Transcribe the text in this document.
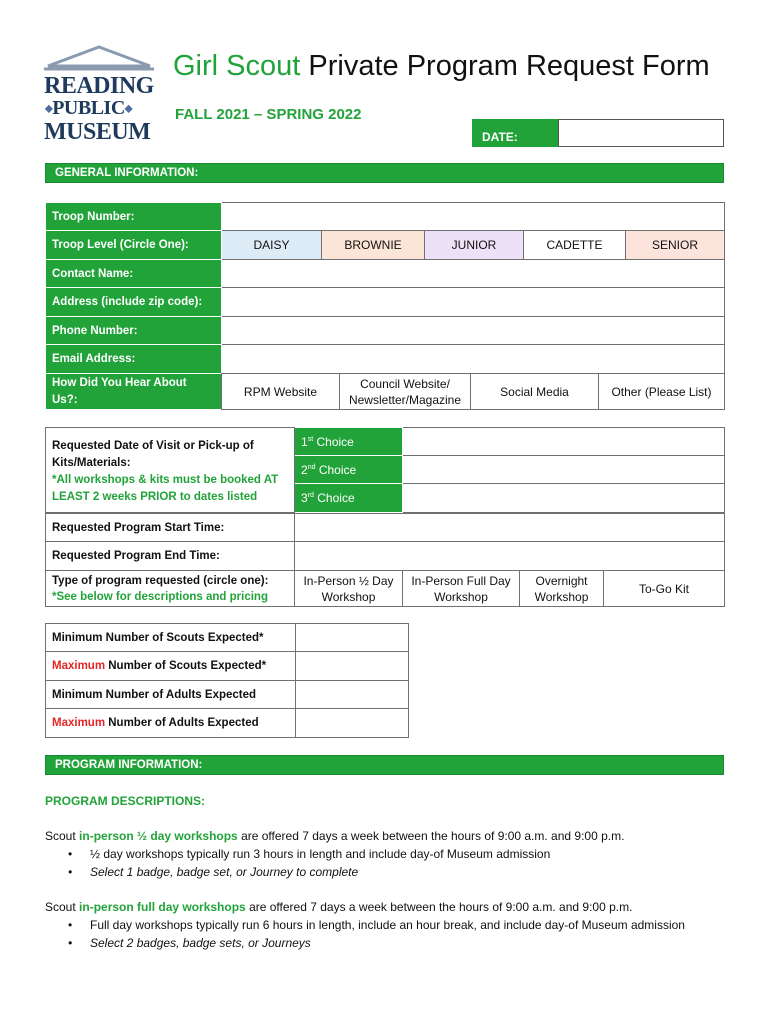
READING
◆PUBLIC◆
MUSEUM
Girl Scout Private Program Request Form
FALL 2021 – SPRING 2022
DATE:
GENERAL INFORMATION:
Troop Number:					
Troop Level (Circle One):	DAISY	BROWNIE	JUNIOR	CADETTE	SENIOR
Contact Name:					
Address (include zip code):					
Phone Number:					
Email Address:					
How Did You Hear About Us?:					
RPM Website	Council Website/ Newsletter/Magazine	Social Media	Other (Please List)
Requested Date of Visit or Pick-up of Kits/Materials:
*All workshops & kits must be booked AT LEAST 2 weeks PRIOR to dates listed	1st Choice	
	2nd Choice	
	3rd Choice	
Requested Program Start Time:				
Requested Program End Time:				

Type of program requested (circle one):
*See below for descriptions and pricing	In-Person ½ Day Workshop	In-Person Full Day Workshop	Overnight Workshop	To-Go Kit
Minimum Number of Scouts Expected*	
Maximum Number of Scouts Expected*	
Minimum Number of Adults Expected	
Maximum Number of Adults Expected	
PROGRAM INFORMATION:
PROGRAM DESCRIPTIONS:
Scout in-person ½ day workshops are offered 7 days a week between the hours of 9:00 a.m. and 9:00 p.m.
• ½ day workshops typically run 3 hours in length and include day-of Museum admission
• Select 1 badge, badge set, or Journey to complete
Scout in-person full day workshops are offered 7 days a week between the hours of 9:00 a.m. and 9:00 p.m.
• Full day workshops typically run 6 hours in length, include an hour break, and include day-of Museum admission
• Select 2 badges, badge sets, or Journeys
